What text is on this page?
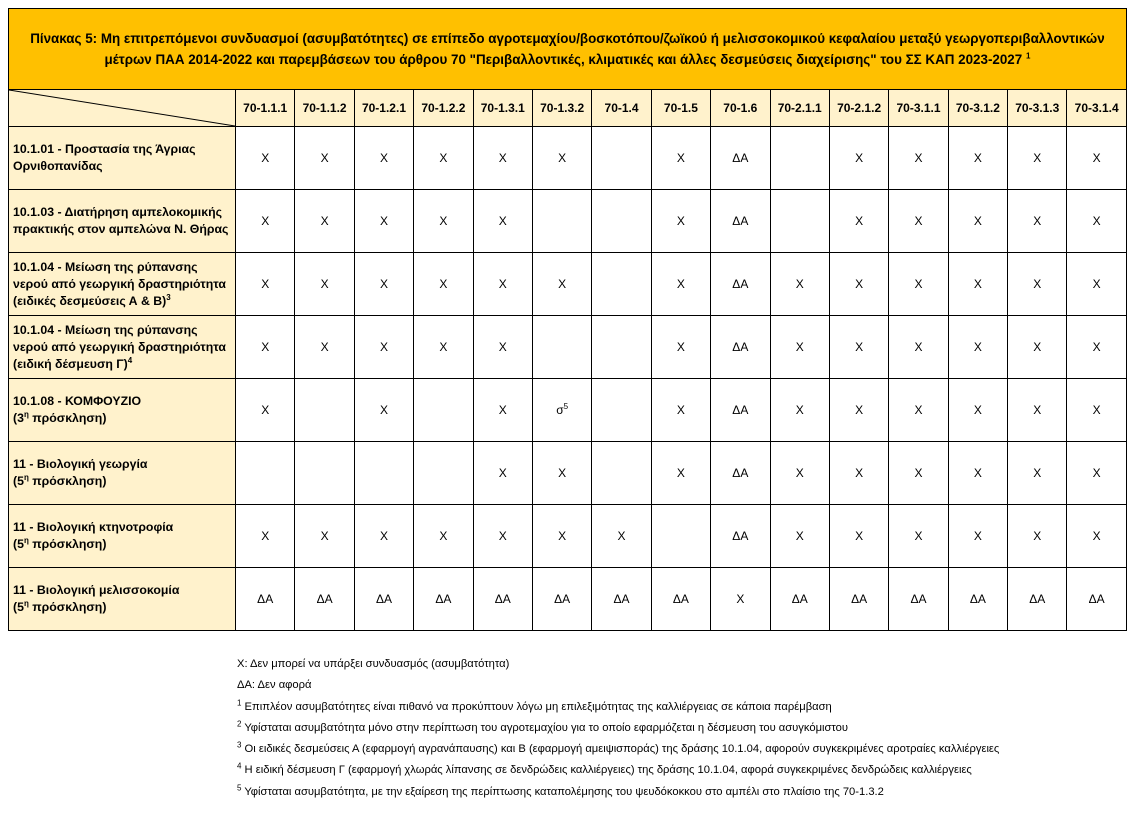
Πίνακας 5: Μη επιτρεπόμενοι συνδυασμοί (ασυμβατότητες) σε επίπεδο αγροτεμαχίου/βοσκοτόπου/ζωϊκού ή μελισσοκομικού κεφαλαίου μεταξύ γεωργοπεριβαλλοντικών μέτρων ΠΑΑ 2014-2022 και παρεμβάσεων του άρθρου 70 "Περιβαλλοντικές, κλιματικές και άλλες δεσμεύσεις διαχείρισης" του ΣΣ ΚΑΠ 2023-2027 $^1$

	70-1.1.1	70-1.1.2	70-1.2.1	70-1.2.2	70-1.3.1	70-1.3.2	70-1.4	70-1.5	70-1.6	70-2.1.1	70-2.1.2	70-3.1.1	70-3.1.2	70-3.1.3	70-3.1.4
10.1.01 - Προστασία της Άγριας
Ορνιθοπανίδας	Χ	Χ	Χ	Χ	Χ	Χ		Χ	ΔΑ		Χ	Χ	Χ	Χ	Χ
10.1.03 - Διατήρηση αμπελοκομικής
πρακτικής στον αμπελώνα Ν. Θήρας	Χ	Χ	Χ	Χ	Χ			Χ	ΔΑ		Χ	Χ	Χ	Χ	Χ
10.1.04 - Μείωση της ρύπανσης
νερού από γεωργική δραστηριότητα
(ειδικές δεσμεύσεις Α & Β)$^3$	Χ	Χ	Χ	Χ	Χ	Χ		Χ	ΔΑ	Χ	Χ	Χ	Χ	Χ	Χ
10.1.04 - Μείωση της ρύπανσης
νερού από γεωργική δραστηριότητα
(ειδική δέσμευση Γ)$^4$	Χ	Χ	Χ	Χ	Χ			Χ	ΔΑ	Χ	Χ	Χ	Χ	Χ	Χ
10.1.08 - ΚΟΜΦΟΥΖΙΟ
($3^\eta$ πρόσκληση)	Χ		Χ		Χ	$\sigma^5$		Χ	ΔΑ	Χ	Χ	Χ	Χ	Χ	Χ
11 - Βιολογική γεωργία
($5^\eta$ πρόσκληση)					Χ	Χ		Χ	ΔΑ	Χ	Χ	Χ	Χ	Χ	Χ
11 - Βιολογική κτηνοτροφία
($5^\eta$ πρόσκληση)	Χ	Χ	Χ	Χ	Χ	Χ	Χ		ΔΑ	Χ	Χ	Χ	Χ	Χ	Χ
11 - Βιολογική μελισσοκομία
($5^\eta$ πρόσκληση)	ΔΑ	ΔΑ	ΔΑ	ΔΑ	ΔΑ	ΔΑ	ΔΑ	ΔΑ	Χ	ΔΑ	ΔΑ	ΔΑ	ΔΑ	ΔΑ	ΔΑ
Χ: Δεν μπορεί να υπάρξει συνδυασμός (ασυμβατότητα)
ΔΑ: Δεν αφορά
$^1$ Επιπλέον ασυμβατότητες είναι πιθανό να προκύπτουν λόγω μη επιλεξιμότητας της καλλιέργειας σε κάποια παρέμβαση
$^2$ Υφίσταται ασυμβατότητα μόνο στην περίπτωση του αγροτεμαχίου για το οποίο εφαρμόζεται η δέσμευση του ασυγκόμιστου
$^3$ Οι ειδικές δεσμεύσεις Α (εφαρμογή αγρανάπαυσης) και Β (εφαρμογή αμειψισποράς) της δράσης 10.1.04, αφορούν συγκεκριμένες αροτραίες καλλιέργειες
$^4$ Η ειδική δέσμευση Γ (εφαρμογή χλωράς λίπανσης σε δενδρώδεις καλλιέργειες) της δράσης 10.1.04, αφορά συγκεκριμένες δενδρώδεις καλλιέργειες
$^5$ Υφίσταται ασυμβατότητα, με την εξαίρεση της περίπτωσης καταπολέμησης του ψευδόκοκκου στο αμπέλι στο πλαίσιο της 70-1.3.2
